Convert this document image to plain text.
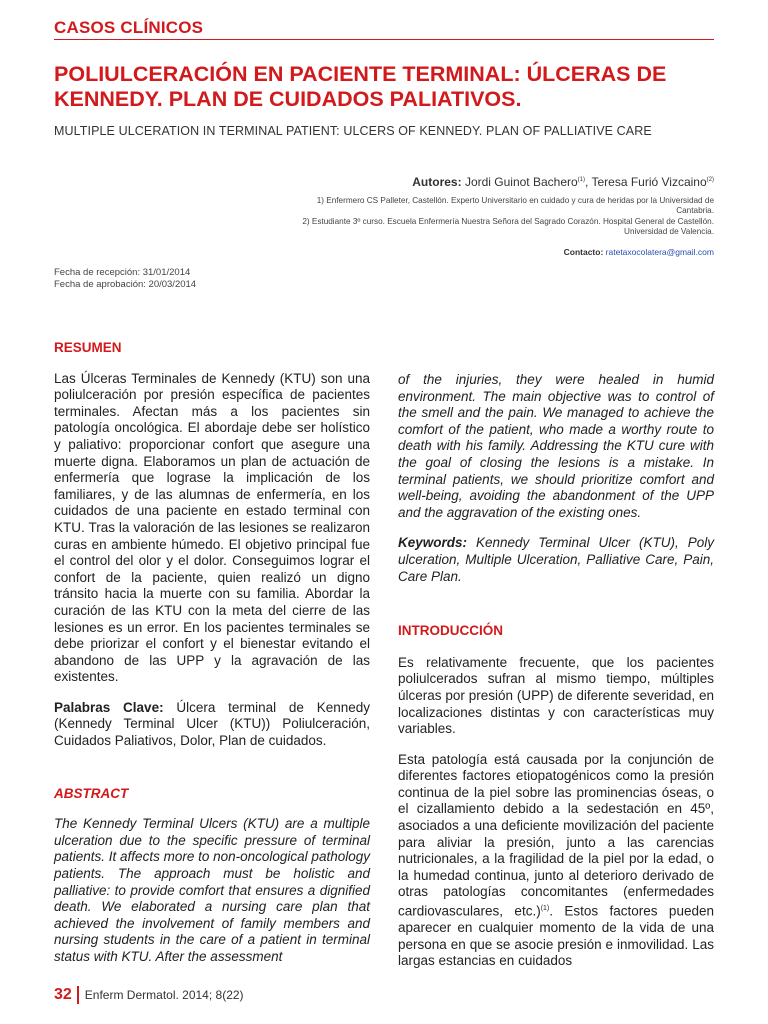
CASOS CLÍNICOS
POLIULCERACIÓN EN PACIENTE TERMINAL: ÚLCERAS DE KENNEDY. PLAN DE CUIDADOS PALIATIVOS.
MULTIPLE ULCERATION IN TERMINAL PATIENT: ULCERS OF KENNEDY. PLAN OF PALLIATIVE CARE
Autores: Jordi Guinot Bachero$^{(1)}$, Teresa Furió Vizcaino$^{(2)}$
1) Enfermero CS Palleter, Castellón. Experto Universitario en cuidado y cura de heridas por la Universidad de Cantabria.
2) Estudiante 3º curso. Escuela Enfermería Nuestra Señora del Sagrado Corazón. Hospital General de Castellón. Universidad de Valencia.
Contacto: ratetaxocolatera@gmail.com
Fecha de recepción: 31/01/2014
Fecha de aprobación: 20/03/2014
RESUMEN

Las Úlceras Terminales de Kennedy (KTU) son una poliulceración por presión específica de pacientes terminales. Afectan más a los pacientes sin patología oncológica. El abordaje debe ser holístico y paliativo: proporcionar confort que asegure una muerte digna. Elaboramos un plan de actuación de enfermería que lograse la implicación de los familiares, y de las alumnas de enfermería, en los cuidados de una paciente en estado terminal con KTU. Tras la valoración de las lesiones se realizaron curas en ambiente húmedo. El objetivo principal fue el control del olor y el dolor. Conseguimos lograr el confort de la paciente, quien realizó un digno tránsito hacia la muerte con su familia. Abordar la curación de las KTU con la meta del cierre de las lesiones es un error. En los pacientes terminales se debe priorizar el confort y el bienestar evitando el abandono de las UPP y la agravación de las existentes.

Palabras Clave: Úlcera terminal de Kennedy (Kennedy Terminal Ulcer (KTU)) Poliulceración, Cuidados Paliativos, Dolor, Plan de cuidados.

ABSTRACT

The Kennedy Terminal Ulcers (KTU) are a multiple ulceration due to the specific pressure of terminal patients. It affects more to non-oncological pathology patients. The approach must be holistic and palliative: to provide comfort that ensures a dignified death. We elaborated a nursing care plan that achieved the involvement of family members and nursing students in the care of a patient in terminal status with KTU. After the assessment

of the injuries, they were healed in humid environment. The main objective was to control of the smell and the pain. We managed to achieve the comfort of the patient, who made a worthy route to death with his family. Addressing the KTU cure with the goal of closing the lesions is a mistake. In terminal patients, we should prioritize comfort and well-being, avoiding the abandonment of the UPP and the aggravation of the existing ones.

Keywords: Kennedy Terminal Ulcer (KTU), Poly ulceration, Multiple Ulceration, Palliative Care, Pain, Care Plan.

INTRODUCCIÓN

Es relativamente frecuente, que los pacientes poliulcerados sufran al mismo tiempo, múltiples úlceras por presión (UPP) de diferente severidad, en localizaciones distintas y con características muy variables.

Esta patología está causada por la conjunción de diferentes factores etiopatogénicos como la presión continua de la piel sobre las prominencias óseas, o el cizallamiento debido a la sedestación en 45º, asociados a una deficiente movilización del paciente para aliviar la presión, junto a las carencias nutricionales, a la fragilidad de la piel por la edad, o la humedad continua, junto al deterioro derivado de otras patologías concomitantes (enfermedades cardiovasculares, etc.)$^{(1)}$. Estos factores pueden aparecer en cualquier momento de la vida de una persona en que se asocie presión e inmovilidad. Las largas estancias en cuidados

32 Enferm Dermatol. 2014; 8(22)
